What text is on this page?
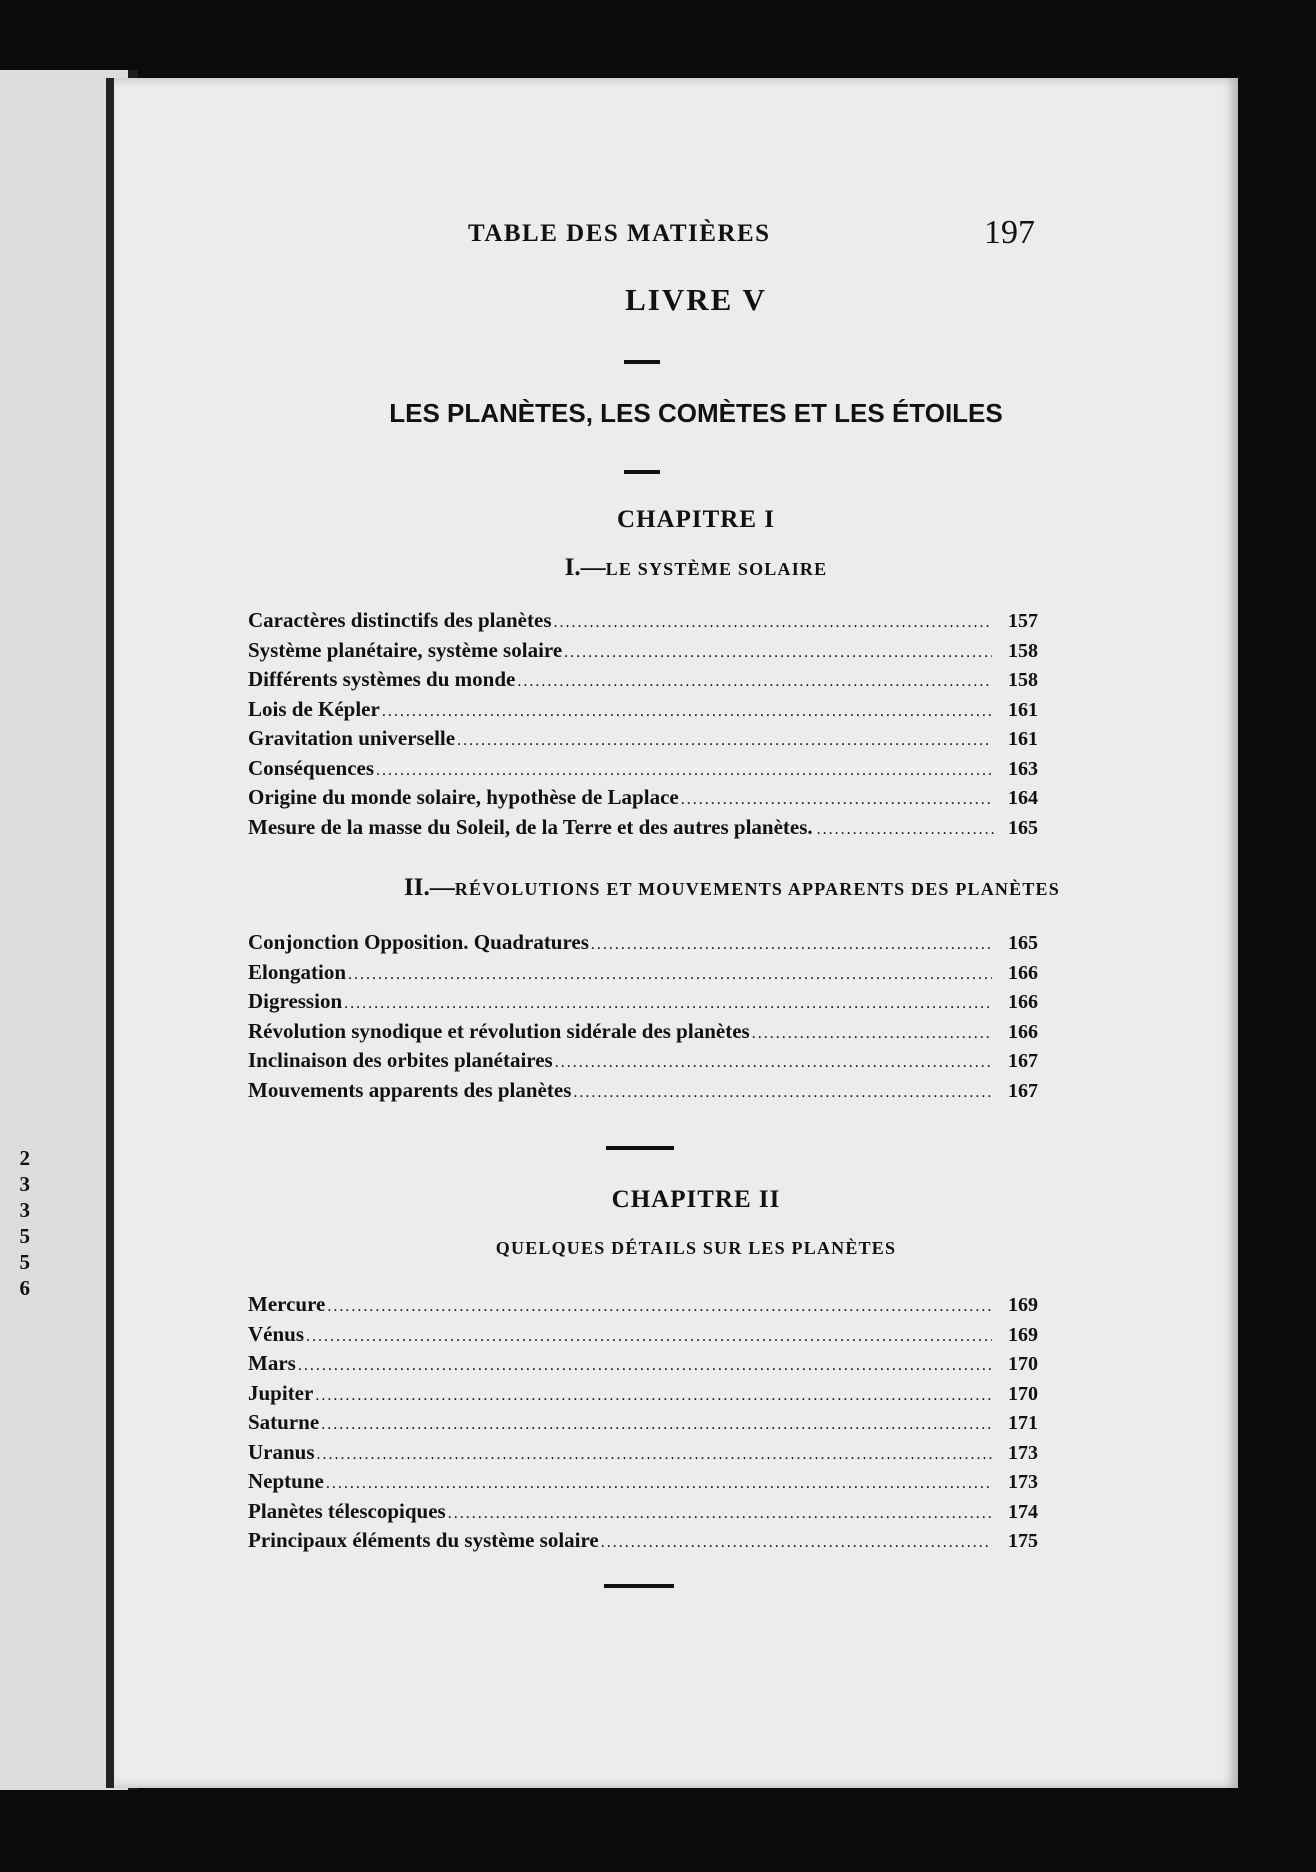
2
3
3
5
5
6
TABLE DES MATIÈRES	197
LIVRE V
LES PLANÈTES, LES COMÈTES ET LES ÉTOILES
CHAPITRE I
I.—LE SYSTÈME SOLAIRE
Caractères distinctifs des planètes .....	157
Système planétaire, système solaire .....	158
Différents systèmes du monde .....	158
Lois de Képler .....	161
Gravitation universelle .....	161
Conséquences .....	163
Origine du monde solaire, hypothèse de Laplace .....	164
Mesure de la masse du Soleil, de la Terre et des autres planètes. .....	165
II.—RÉVOLUTIONS ET MOUVEMENTS APPARENTS DES PLANÈTES
Conjonction Opposition. Quadratures .....	165
Elongation .....	166
Digression .....	166
Révolution synodique et révolution sidérale des planètes .....	166
Inclinaison des orbites planétaires .....	167
Mouvements apparents des planètes .....	167
CHAPITRE II
QUELQUES DÉTAILS SUR LES PLANÈTES
Mercure .....	169
Vénus .....	169
Mars .....	170
Jupiter .....	170
Saturne .....	171
Uranus .....	173
Neptune .....	173
Planètes télescopiques .....	174
Principaux éléments du système solaire .....	175
